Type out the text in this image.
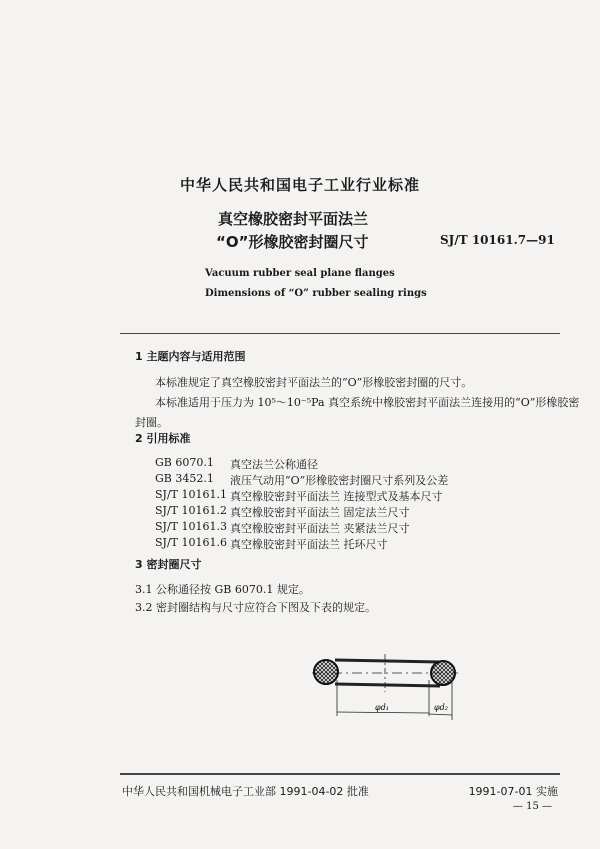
中华人民共和国电子工业行业标准
真空橡胶密封平面法兰
“O”形橡胶密封圈尺寸	SJ/T 10161.7—91
Vacuum rubber seal plane flanges
Dimensions of “O” rubber sealing rings
1 主题内容与适用范围
本标准规定了真空橡胶密封平面法兰的“O”形橡胶密封圈的尺寸。
本标准适用于压力为 10⁵～10⁻⁵Pa 真空系统中橡胶密封平面法兰连接用的“O”形橡胶密
封圈。
2 引用标准
GB 6070.1 真空法兰公称通径
GB 3452.1 液压气动用“O”形橡胶密封圈尺寸系列及公差
SJ/T 10161.1 真空橡胶密封平面法兰 连接型式及基本尺寸
SJ/T 10161.2 真空橡胶密封平面法兰 固定法兰尺寸
SJ/T 10161.3 真空橡胶密封平面法兰 夹紧法兰尺寸
SJ/T 10161.6 真空橡胶密封平面法兰 托环尺寸
3 密封圈尺寸
3.1 公称通径按 GB 6070.1 规定。
3.2 密封圈结构与尺寸应符合下图及下表的规定。
φd₁	φd₂
中华人民共和国机械电子工业部 1991-04-02 批准	1991-07-01 实施
— 15 —
